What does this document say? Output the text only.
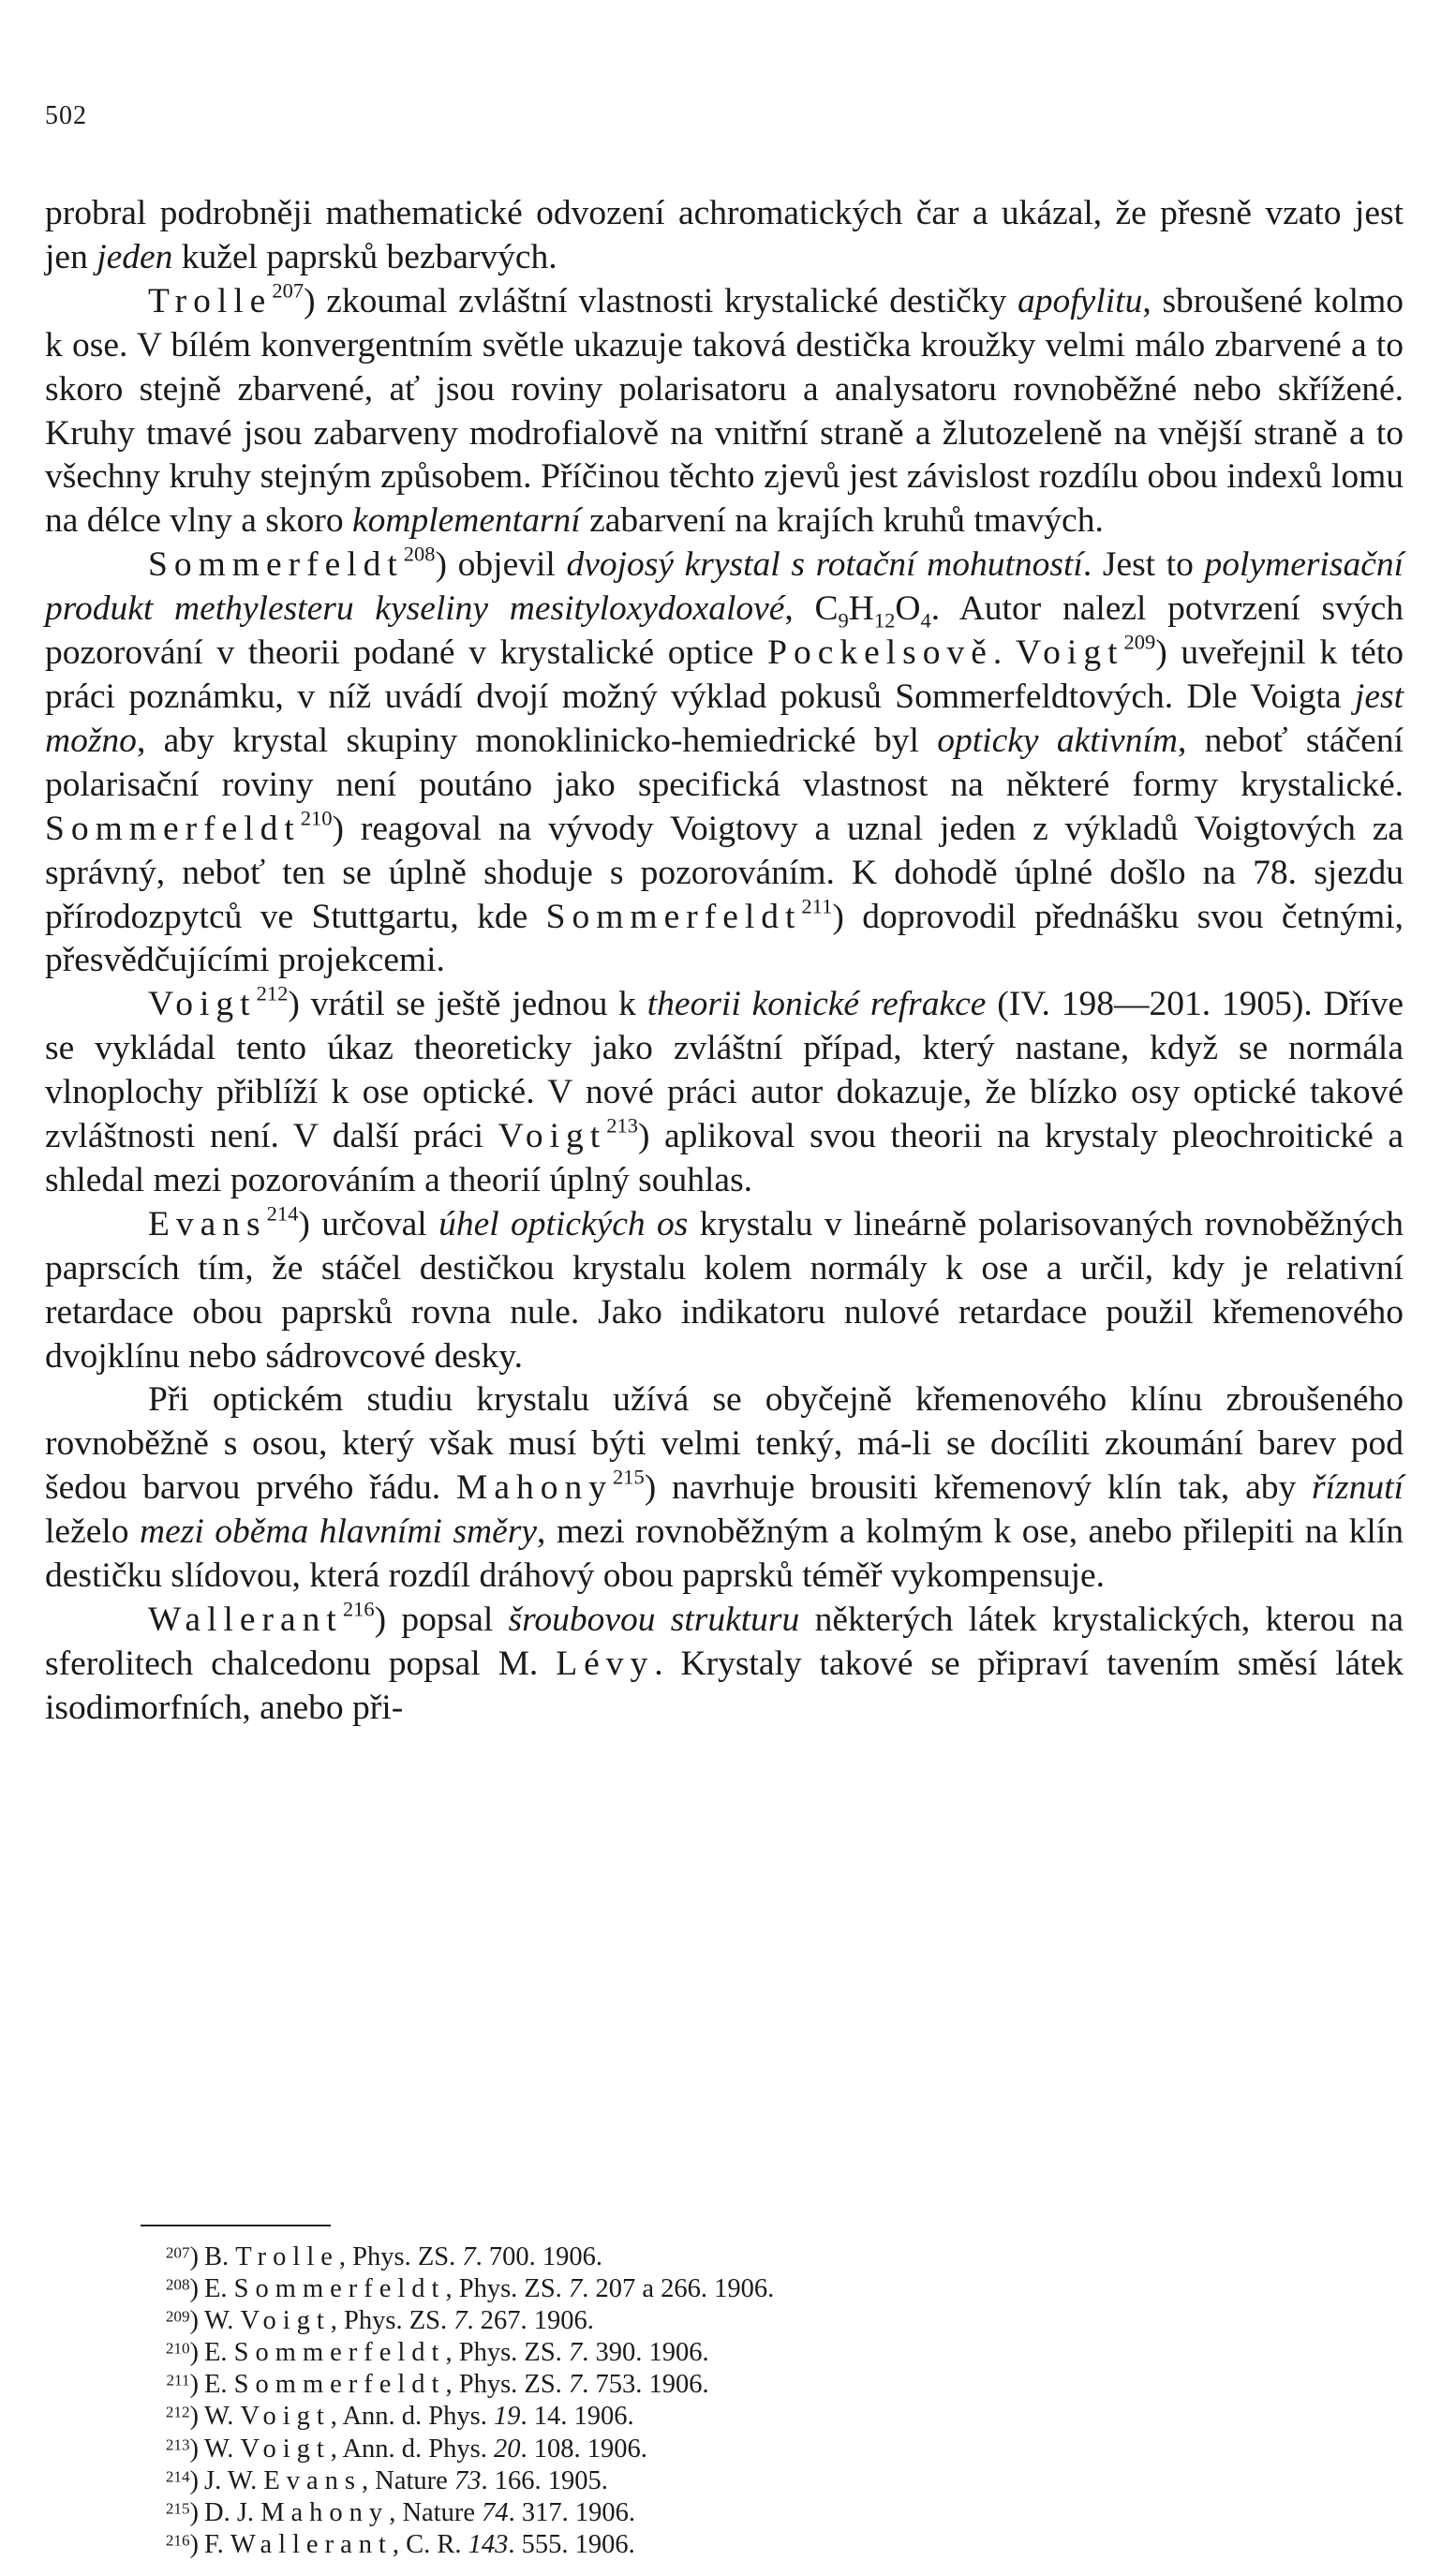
502

probral podrobněji mathematické odvození achromatických čar a ukázal, že přesně vzato jest jen jeden kužel paprsků bezbarvých.

Trolle$^{207}$) zkoumal zvláštní vlastnosti krystalické destičky apofylitu, sbroušené kolmo k ose. V bílém konvergentním světle ukazuje taková destička kroužky velmi málo zbarvené a to skoro stejně zbarvené, ať jsou roviny polarisatoru a analysatoru rovnoběžné nebo skřížené. Kruhy tmavé jsou zabarveny modrofialově na vnitřní straně a žlutozeleně na vnější straně a to všechny kruhy stejným způsobem. Příčinou těchto zjevů jest závislost rozdílu obou indexů lomu na délce vlny a skoro komplementarní zabarvení na krajích kruhů tmavých.

Sommerfeldt$^{208}$) objevil dvojosý krystal s rotační mohutností. Jest to polymerisační produkt methylesteru kyseliny mesityloxydoxalové, $C_9H_{12}O_4$. Autor nalezl potvrzení svých pozorování v theorii podané v krystalické optice Pockelsově. Voigt$^{209}$) uveřejnil k této práci poznámku, v níž uvádí dvojí možný výklad pokusů Sommerfeldtových. Dle Voigta jest možno, aby krystal skupiny monoklinicko-hemiedrické byl opticky aktivním, neboť stáčení polarisační roviny není poutáno jako specifická vlastnost na některé formy krystalické. Sommerfeldt$^{210}$) reagoval na vývody Voigtovy a uznal jeden z výkladů Voigtových za správný, neboť ten se úplně shoduje s pozorováním. K dohodě úplné došlo na 78. sjezdu přírodozpytců ve Stuttgartu, kde Sommerfeldt$^{211}$) doprovodil přednášku svou četnými, přesvědčujícími projekcemi.

Voigt$^{212}$) vrátil se ještě jednou k theorii konické refrakce (IV. 198—201. 1905). Dříve se vykládal tento úkaz theoreticky jako zvláštní případ, který nastane, když se normála vlnoplochy přiblíží k ose optické. V nové práci autor dokazuje, že blízko osy optické takové zvláštnosti není. V další práci Voigt$^{213}$) aplikoval svou theorii na krystaly pleochroitické a shledal mezi pozorováním a theorií úplný souhlas.

Evans$^{214}$) určoval úhel optických os krystalu v lineárně polarisovaných rovnoběžných paprscích tím, že stáčel destičkou krystalu kolem normály k ose a určil, kdy je relativní retardace obou paprsků rovna nule. Jako indikatoru nulové retardace použil křemenového dvojklínu nebo sádrovcové desky.

Při optickém studiu krystalu užívá se obyčejně křemenového klínu zbroušeného rovnoběžně s osou, který však musí býti velmi tenký, má-li se docíliti zkoumání barev pod šedou barvou prvého řádu. Mahony$^{215}$) navrhuje brousiti křemenový klín tak, aby říznutí leželo mezi oběma hlavními směry, mezi rovnoběžným a kolmým k ose, anebo přilepiti na klín destičku slídovou, která rozdíl dráhový obou paprsků téměř vykompensuje.

Wallerant$^{216}$) popsal šroubovou strukturu některých látek krystalických, kterou na sferolitech chalcedonu popsal M. Lévy. Krystaly takové se připraví tavením směsí látek isodimorfních, anebo při-

$^{207}$) B. Trolle, Phys. ZS. 7. 700. 1906.
$^{208}$) E. Sommerfeldt, Phys. ZS. 7. 207 a 266. 1906.
$^{209}$) W. Voigt, Phys. ZS. 7. 267. 1906.
$^{210}$) E. Sommerfeldt, Phys. ZS. 7. 390. 1906.
$^{211}$) E. Sommerfeldt, Phys. ZS. 7. 753. 1906.
$^{212}$) W. Voigt, Ann. d. Phys. 19. 14. 1906.
$^{213}$) W. Voigt, Ann. d. Phys. 20. 108. 1906.
$^{214}$) J. W. Evans, Nature 73. 166. 1905.
$^{215}$) D. J. Mahony, Nature 74. 317. 1906.
$^{216}$) F. Wallerant, C. R. 143. 555. 1906.
